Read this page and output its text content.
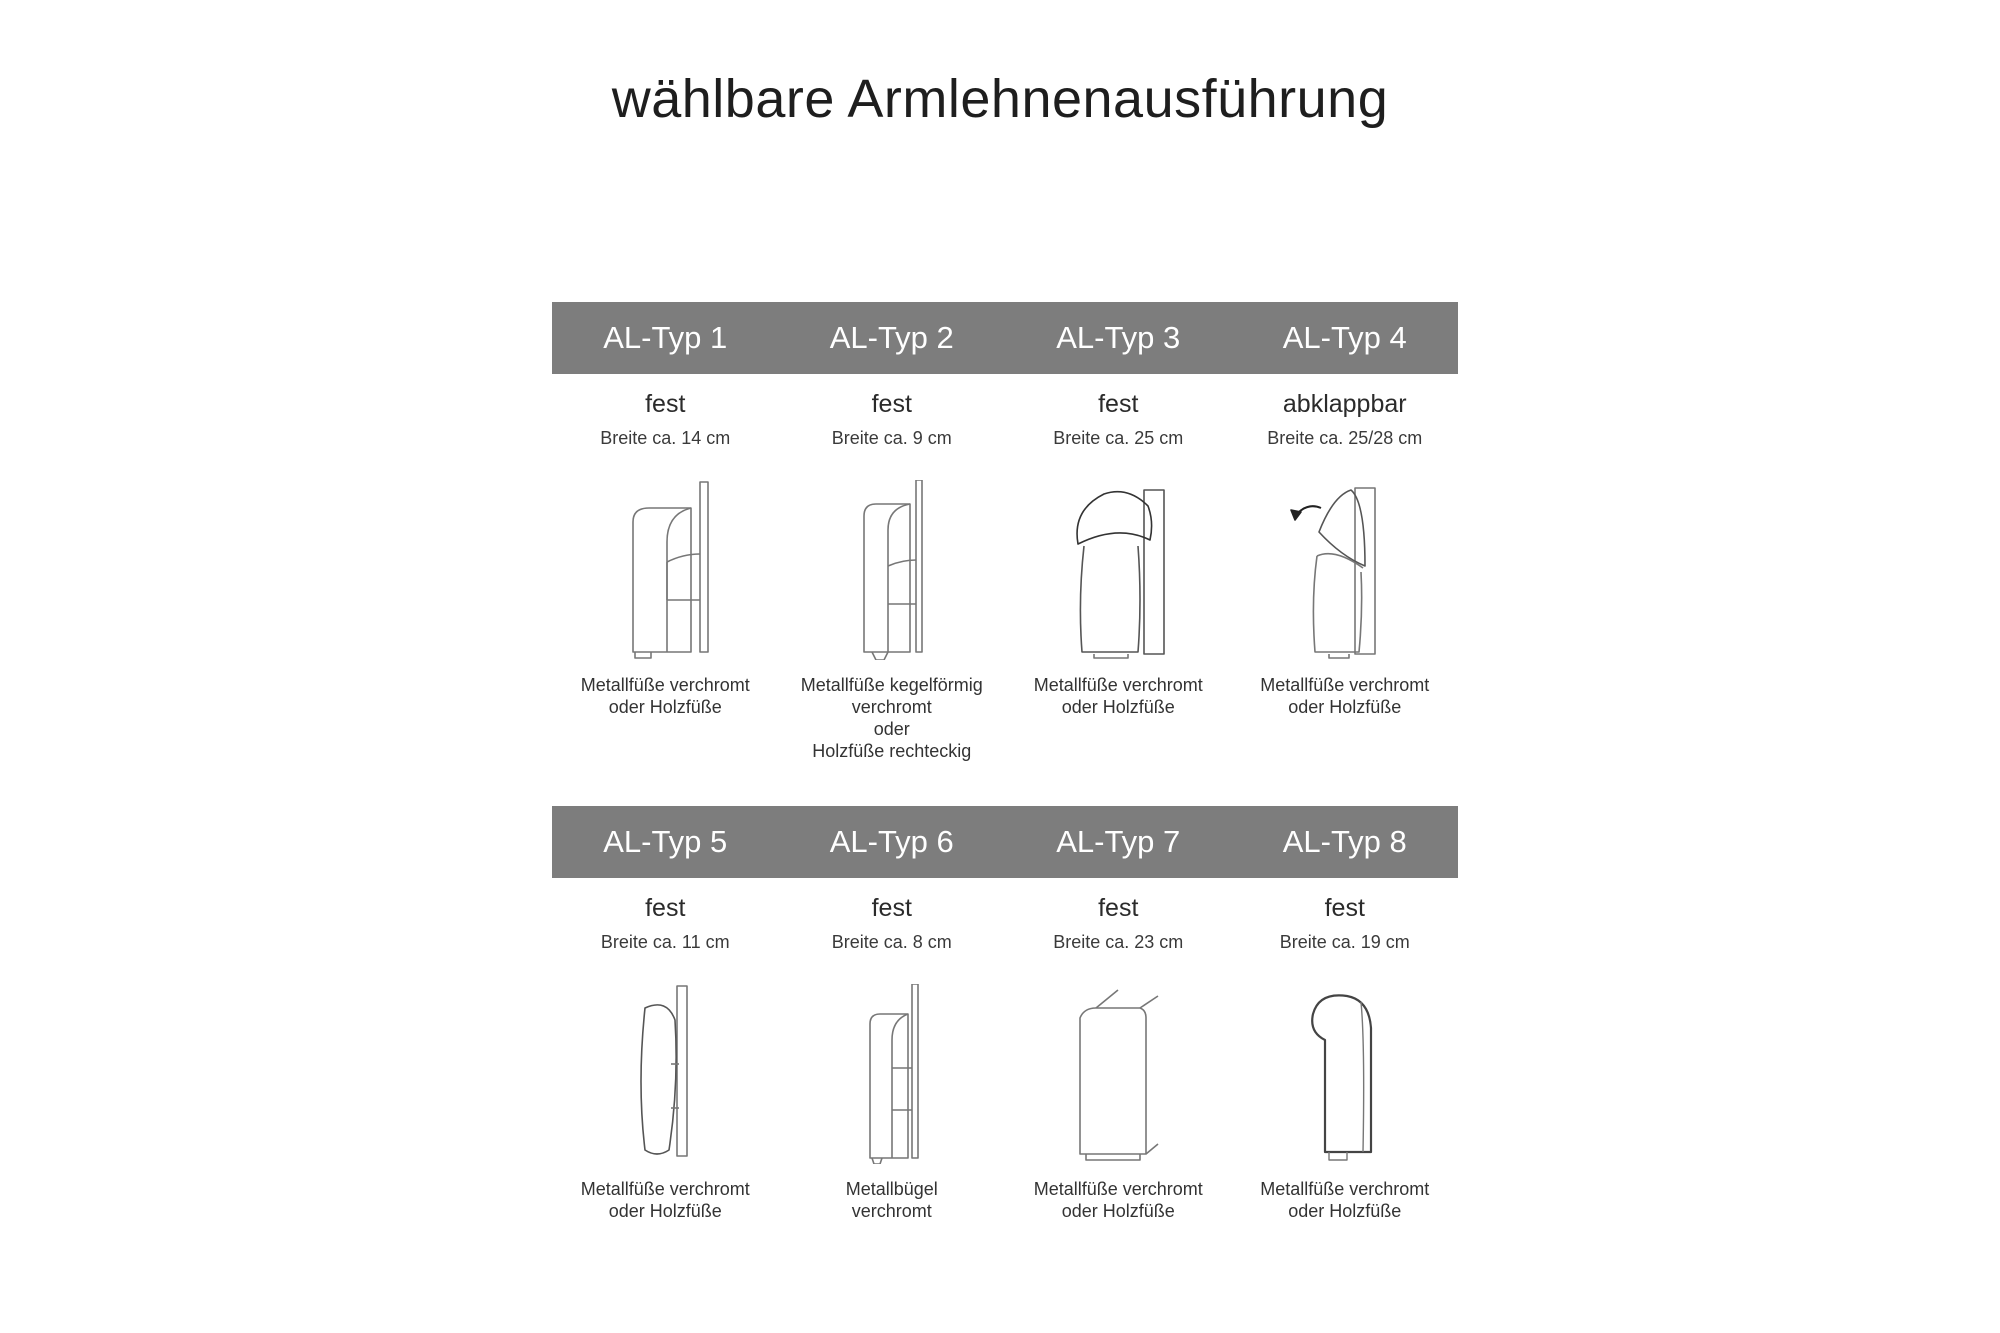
wählbare Armlehnenausführung
AL-Typ 1	AL-Typ 2	AL-Typ 3	AL-Typ 4
fest
Breite ca. 14 cm
Metallfüße verchromt
oder Holzfüße
fest
Breite ca. 9 cm
Metallfüße kegelförmig
verchromt
oder
Holzfüße rechteckig
fest
Breite ca. 25 cm
Metallfüße verchromt
oder Holzfüße
abklappbar
Breite ca. 25/28 cm
Metallfüße verchromt
oder Holzfüße
AL-Typ 5	AL-Typ 6	AL-Typ 7	AL-Typ 8
fest
Breite ca. 11 cm
Metallfüße verchromt
oder Holzfüße
fest
Breite ca. 8 cm
Metallbügel
verchromt
fest
Breite ca. 23 cm
Metallfüße verchromt
oder Holzfüße
fest
Breite ca. 19 cm
Metallfüße verchromt
oder Holzfüße
